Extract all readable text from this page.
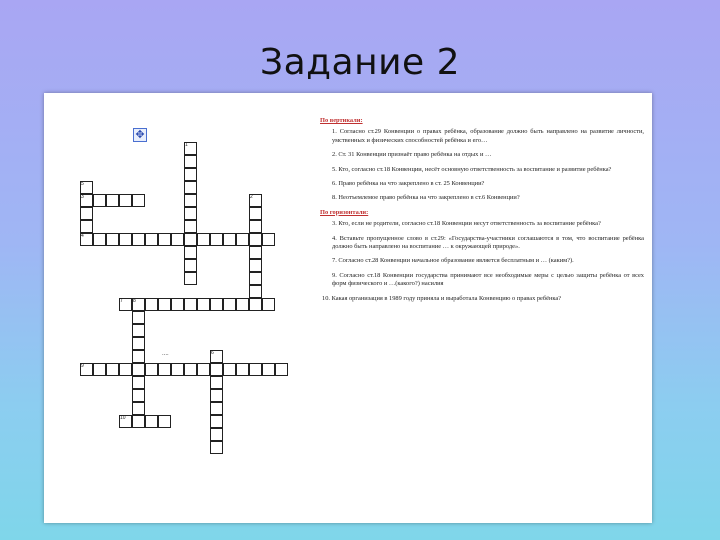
Задание 2
✥
....
1
2
3
4
5
6
7 8
9
10
По вертикали:
1. Согласно ст.29 Конвенции о правах ребёнка, образование должно быть направлено на развитие личности, умственных и физических способностей ребёнка и его…
2. Ст. 31 Конвенции признаёт право ребёнка на отдых и …
5. Кто, согласно ст.18 Конвенции, несёт основную ответственность за воспитание и развитие ребёнка?
6. Право ребёнка на что закреплено в ст. 25 Конвенции?
8. Неотъемлемое право ребёнка на что закреплено в ст.6 Конвенции?
По горизонтали:
3. Кто, если не родители, согласно ст.18 Конвенции несут ответственность за воспитание ребёнка?
4. Вставьте пропущенное слово в ст.29: «Государства-участники соглашаются в том, что воспитание ребёнка должно быть направлено на воспитание … к окружающей природе».
7. Согласно ст.28 Конвенции начальное образование является бесплатным и … (каким?).
9. Согласно ст.18 Конвенции государства принимают все необходимые меры с целью защиты ребёнка от всех форм физического и …(какого?) насилия
10. Какая организация в 1989 году приняла и выработала Конвенцию о правах ребёнка?
